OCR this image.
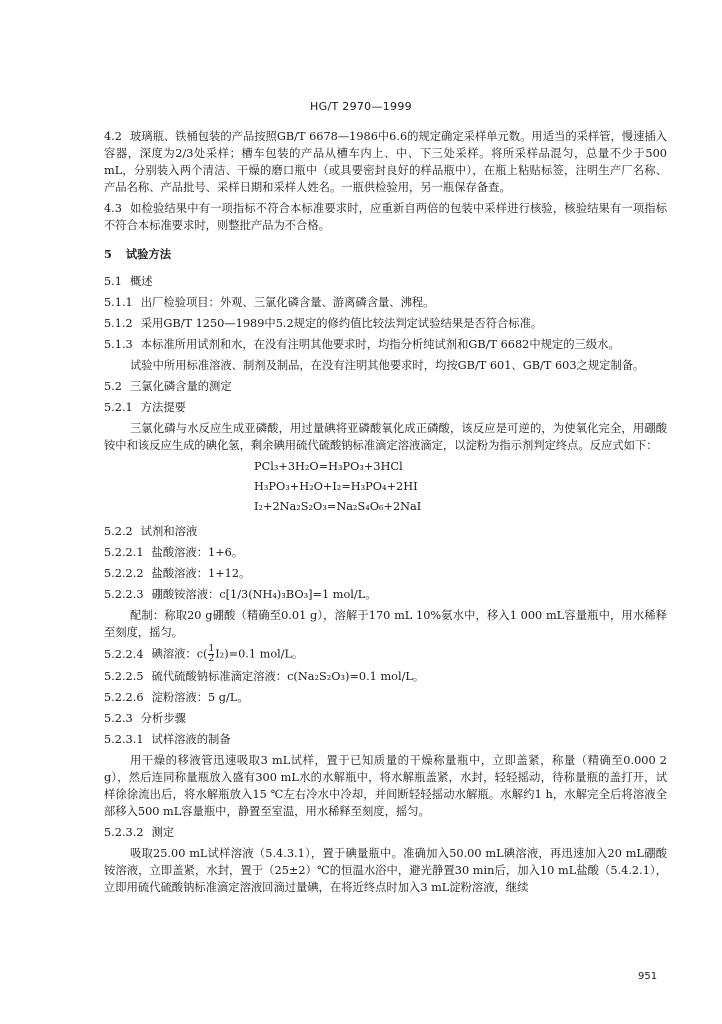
HG/T 2970—1999

4.2 玻璃瓶、铁桶包装的产品按照GB/T 6678—1986中6.6的规定确定采样单元数。用适当的采样管，慢速插入容器，深度为2/3处采样；槽车包装的产品从槽车内上、中、下三处采样。将所采样品混匀，总量不少于500 mL，分别装入两个清洁、干燥的磨口瓶中（或具要密封良好的样品瓶中），在瓶上粘贴标签，注明生产厂名称、产品名称、产品批号、采样日期和采样人姓名。一瓶供检验用，另一瓶保存备查。

4.3 如检验结果中有一项指标不符合本标准要求时，应重新自两倍的包装中采样进行核验，核验结果有一项指标不符合本标准要求时，则整批产品为不合格。

5 试验方法

5.1 概述

5.1.1 出厂检验项目：外观、三氯化磷含量、游离磷含量、沸程。

5.1.2 采用GB/T 1250—1989中5.2规定的修约值比较法判定试验结果是否符合标准。

5.1.3 本标准所用试剂和水，在没有注明其他要求时，均指分析纯试剂和GB/T 6682中规定的三级水。

试验中所用标准溶液、制剂及制品，在没有注明其他要求时，均按GB/T 601、GB/T 603之规定制备。

5.2 三氯化磷含量的测定

5.2.1 方法提要

三氯化磷与水反应生成亚磷酸，用过量碘将亚磷酸氧化成正磷酸，该反应是可逆的，为使氧化完全，用硼酸铵中和该反应生成的碘化氢，剩余碘用硫代硫酸钠标准滴定溶液滴定，以淀粉为指示剂判定终点。反应式如下：

PCl₃+3H₂O=H₃PO₃+3HCl
H₃PO₃+H₂O+I₂=H₃PO₄+2HI
I₂+2Na₂S₂O₃=Na₂S₄O₆+2NaI

5.2.2 试剂和溶液

5.2.2.1 盐酸溶液：1+6。

5.2.2.2 盐酸溶液：1+12。

5.2.2.3 硼酸铵溶液：c[1/3(NH₄)₃BO₃]=1 mol/L。

配制：称取20 g硼酸（精确至0.01 g），溶解于170 mL 10%氨水中，移入1 000 mL容量瓶中，用水稀释至刻度，摇匀。

5.2.2.4 碘溶液：$c( \frac{1}{2} I_2)=0.1$ mol/L。

5.2.2.5 硫代硫酸钠标准滴定溶液：c(Na₂S₂O₃)=0.1 mol/L。

5.2.2.6 淀粉溶液：5 g/L。

5.2.3 分析步骤

5.2.3.1 试样溶液的制备

用干燥的移液管迅速吸取3 mL试样，置于已知质量的干燥称量瓶中，立即盖紧，称量（精确至0.000 2 g），然后连同称量瓶放入盛有300 mL水的水解瓶中，将水解瓶盖紧，水封，轻轻摇动，待称量瓶的盖打开，试样徐徐流出后，将水解瓶放入15 ℃左右冷水中冷却，并间断轻轻摇动水解瓶。水解约1 h，水解完全后将溶液全部移入500 mL容量瓶中，静置至室温，用水稀释至刻度，摇匀。

5.2.3.2 测定

吸取25.00 mL试样溶液（5.4.3.1），置于碘量瓶中。准确加入50.00 mL碘溶液，再迅速加入20 mL硼酸铵溶液，立即盖紧，水封，置于（25±2）℃的恒温水浴中，避光静置30 min后，加入10 mL盐酸（5.4.2.1），立即用硫代硫酸钠标准滴定溶液回滴过量碘，在将近终点时加入3 mL淀粉溶液，继续

951
